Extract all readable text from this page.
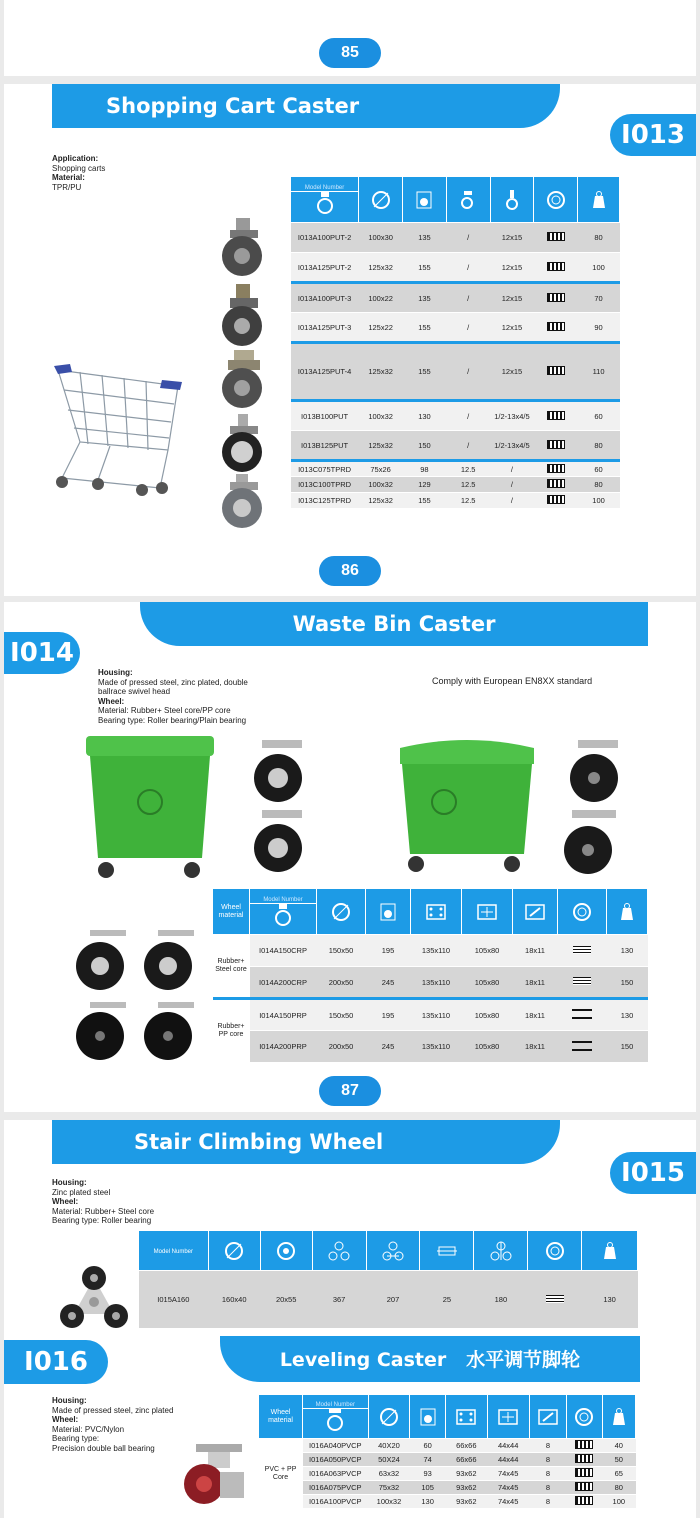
85
Shopping Cart Caster
I013
Application:
Shopping carts
Material:
TPR/PU	Model Number

I013A100PUT-2	100x30	135	/	12x15		80
I013A125PUT-2	125x32	155	/	12x15		100
I013A100PUT-3	100x22	135	/	12x15		70
I013A125PUT-3	125x22	155	/	12x15		90
I013A125PUT-4	125x32	155	/	12x15		110
I013B100PUT	100x32	130	/	1/2-13x4/5		60
I013B125PUT	125x32	150	/	1/2-13x4/5		80
I013C075TPRD	75x26	98	12.5	/		60
I013C100TPRD	100x32	129	12.5	/		80
I013C125TPRD	125x32	155	12.5	/		100
86
I014
Waste Bin Caster
Housing:
Made of pressed steel, zinc plated, double ballrace swivel head
Wheel:
Material: Rubber+ Steel core/PP core
Bearing type: Roller bearing/Plain bearing
Comply with European EN8XX standard
Wheel material	Model Number

Rubber+ Steel core	I014A150CRP	150x50	195	135x110	105x80	18x11		130
	I014A200CRP	200x50	245	135x110	105x80	18x11		150
Rubber+ PP core	I014A150PRP	150x50	195	135x110	105x80	18x11		130
	I014A200PRP	200x50	245	135x110	105x80	18x11		150
87
Stair Climbing Wheel
I015
Housing:
Zinc plated steel
Wheel:
Material: Rubber+ Steel core
Bearing type: Roller bearing
Model Number	

I015A160	160x40	20x55	367	207	25	180		130
I016	Leveling Caster 水平调节脚轮
Housing:
Made of pressed steel, zinc plated
Wheel:
Material: PVC/Nylon
Bearing type:
Precision double ball bearing
Wheel material	Model Number

PVC + PP Core	I016A040PVCP	40X20	60	66x66	44x44	8		40
	I016A050PVCP	50X24	74	66x66	44x44	8		50
	I016A063PVCP	63x32	93	93x62	74x45	8		65
	I016A075PVCP	75x32	105	93x62	74x45	8		80
	I016A100PVCP	100x32	130	93x62	74x45	8		100
